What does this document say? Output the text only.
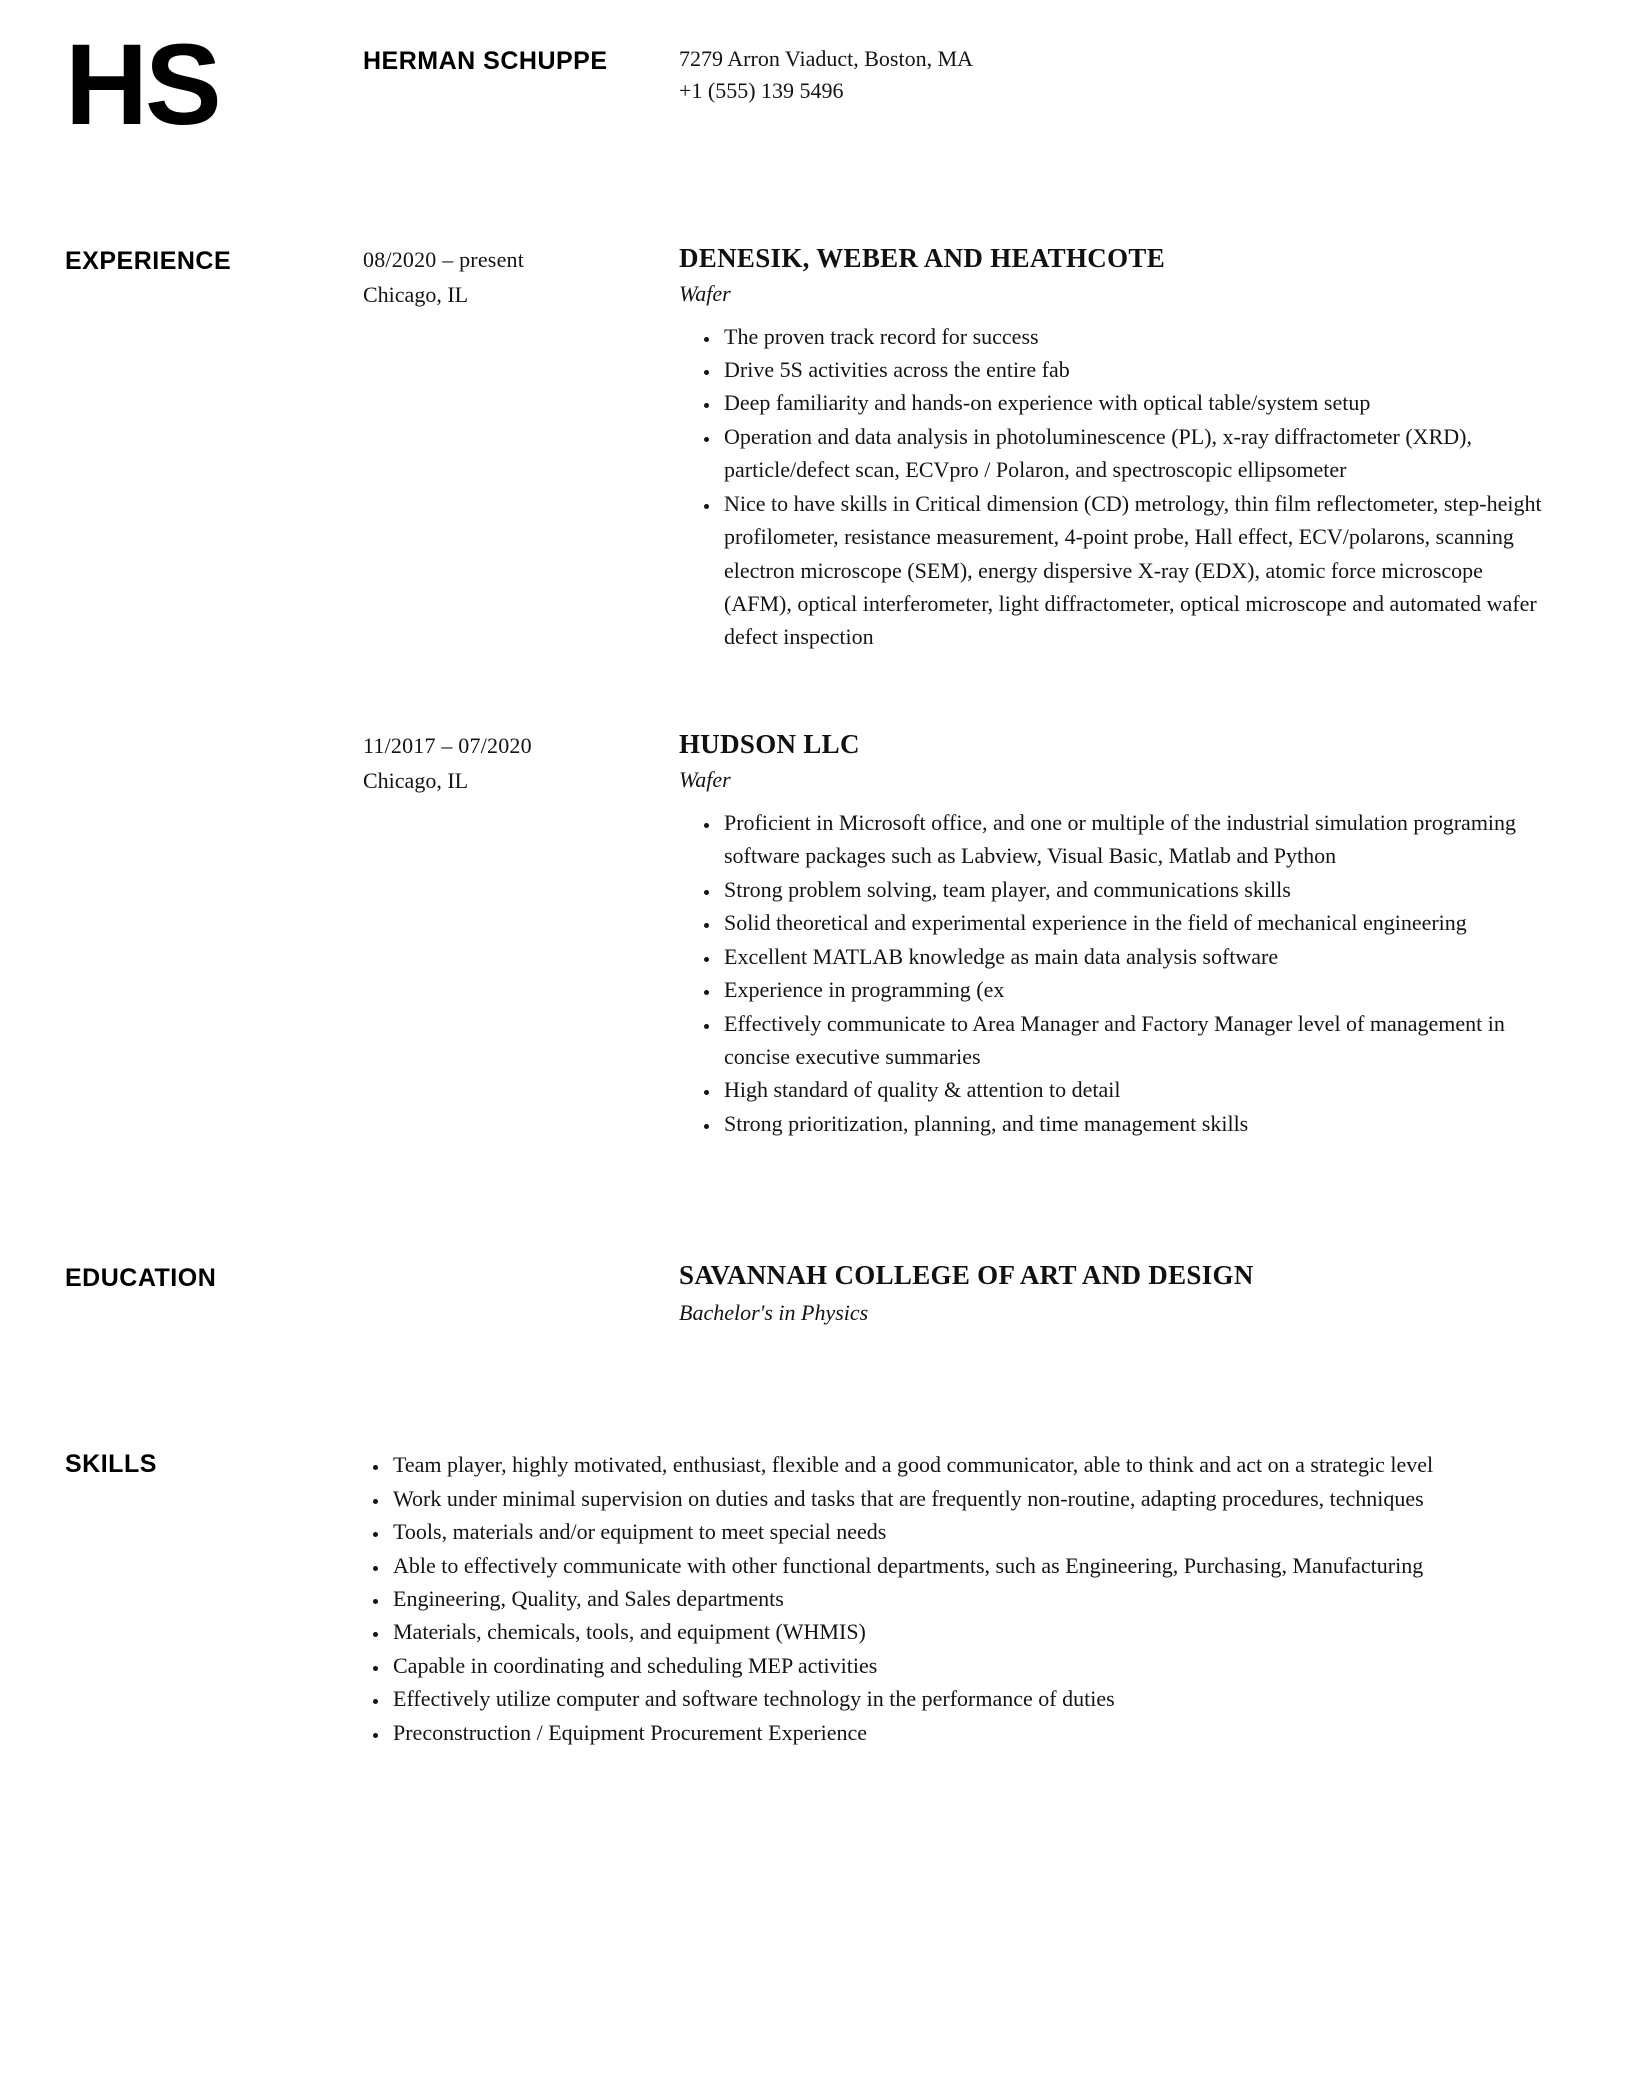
HS	HERMAN SCHUPPE	7279 Arron Viaduct, Boston, MA
+1 (555) 139 5496
EXPERIENCE	08/2020 – present
Chicago, IL
DENESIK, WEBER AND HEATHCOTE
Wafer
• The proven track record for success
• Drive 5S activities across the entire fab
• Deep familiarity and hands-on experience with optical table/system setup
• Operation and data analysis in photoluminescence (PL), x-ray diffractometer (XRD), particle/defect scan, ECVpro / Polaron, and spectroscopic ellipsometer
• Nice to have skills in Critical dimension (CD) metrology, thin film reflectometer, step-height profilometer, resistance measurement, 4-point probe, Hall effect, ECV/polarons, scanning electron microscope (SEM), energy dispersive X-ray (EDX), atomic force microscope (AFM), optical interferometer, light diffractometer, optical microscope and automated wafer defect inspection
11/2017 – 07/2020
Chicago, IL
HUDSON LLC
Wafer
• Proficient in Microsoft office, and one or multiple of the industrial simulation programing software packages such as Labview, Visual Basic, Matlab and Python
• Strong problem solving, team player, and communications skills
• Solid theoretical and experimental experience in the field of mechanical engineering
• Excellent MATLAB knowledge as main data analysis software
• Experience in programming (ex
• Effectively communicate to Area Manager and Factory Manager level of management in concise executive summaries
• High standard of quality & attention to detail
• Strong prioritization, planning, and time management skills
EDUCATION	SAVANNAH COLLEGE OF ART AND DESIGN
Bachelor's in Physics
SKILLS	• Team player, highly motivated, enthusiast, flexible and a good communicator, able to think and act on a strategic level
• Work under minimal supervision on duties and tasks that are frequently non-routine, adapting procedures, techniques
• Tools, materials and/or equipment to meet special needs
• Able to effectively communicate with other functional departments, such as Engineering, Purchasing, Manufacturing
• Engineering, Quality, and Sales departments
• Materials, chemicals, tools, and equipment (WHMIS)
• Capable in coordinating and scheduling MEP activities
• Effectively utilize computer and software technology in the performance of duties
• Preconstruction / Equipment Procurement Experience
